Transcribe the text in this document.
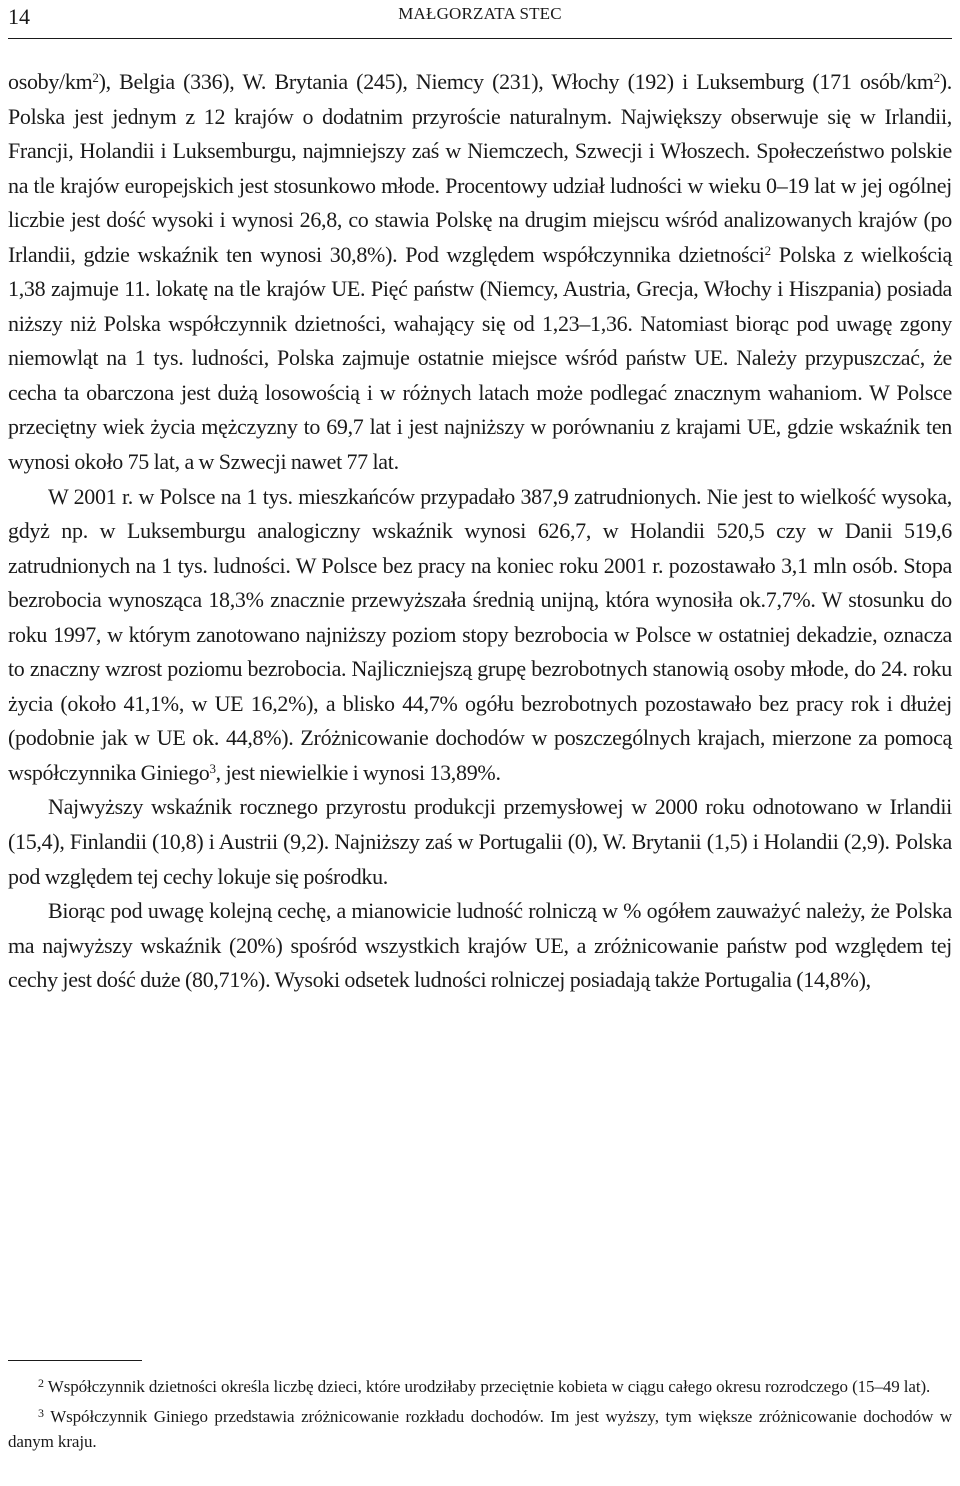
14	MAŁGORZATA STEC

osoby/$km^2$), Belgia (336), W. Brytania (245), Niemcy (231), Włochy (192) i Luksemburg (171 osób/$km^2$). Polska jest jednym z 12 krajów o dodatnim przyroście naturalnym. Największy obserwuje się w Irlandii, Francji, Holandii i Luksemburgu, najmniejszy zaś w Niemczech, Szwecji i Włoszech. Społeczeństwo polskie na tle krajów europejskich jest stosunkowo młode. Procentowy udział ludności w wieku 0–19 lat w jej ogólnej liczbie jest dość wysoki i wynosi 26,8, co stawia Polskę na drugim miejscu wśród analizowanych krajów (po Irlandii, gdzie wskaźnik ten wynosi 30,8%). Pod względem współczynnika dzietności$^2$ Polska z wielkością 1,38 zajmuje 11. lokatę na tle krajów UE. Pięć państw (Niemcy, Austria, Grecja, Włochy i Hiszpania) posiada niższy niż Polska współczynnik dzietności, wahający się od 1,23–1,36. Natomiast biorąc pod uwagę zgony niemowląt na 1 tys. ludności, Polska zajmuje ostatnie miejsce wśród państw UE. Należy przypuszczać, że cecha ta obarczona jest dużą losowością i w różnych latach może podlegać znacznym wahaniom. W Polsce przeciętny wiek życia mężczyzny to 69,7 lat i jest najniższy w porównaniu z krajami UE, gdzie wskaźnik ten wynosi około 75 lat, a w Szwecji nawet 77 lat.

W 2001 r. w Polsce na 1 tys. mieszkańców przypadało 387,9 zatrudnionych. Nie jest to wielkość wysoka, gdyż np. w Luksemburgu analogiczny wskaźnik wynosi 626,7, w Holandii 520,5 czy w Danii 519,6 zatrudnionych na 1 tys. ludności. W Polsce bez pracy na koniec roku 2001 r. pozostawało 3,1 mln osób. Stopa bezrobocia wynosząca 18,3% znacznie przewyższała średnią unijną, która wynosiła ok.7,7%. W stosunku do roku 1997, w którym zanotowano najniższy poziom stopy bezrobocia w Polsce w ostatniej dekadzie, oznacza to znaczny wzrost poziomu bezrobocia. Najliczniejszą grupę bezrobotnych stanowią osoby młode, do 24. roku życia (około 41,1%, w UE 16,2%), a blisko 44,7% ogółu bezrobotnych pozostawało bez pracy rok i dłużej (podobnie jak w UE ok. 44,8%). Zróżnicowanie dochodów w poszczególnych krajach, mierzone za pomocą współczynnika Giniego$^3$, jest niewielkie i wynosi 13,89%.

Najwyższy wskaźnik rocznego przyrostu produkcji przemysłowej w 2000 roku odnotowano w Irlandii (15,4), Finlandii (10,8) i Austrii (9,2). Najniższy zaś w Portugalii (0), W. Brytanii (1,5) i Holandii (2,9). Polska pod względem tej cechy lokuje się pośrodku.

Biorąc pod uwagę kolejną cechę, a mianowicie ludność rolniczą w % ogółem zauważyć należy, że Polska ma najwyższy wskaźnik (20%) spośród wszystkich krajów UE, a zróżnicowanie państw pod względem tej cechy jest dość duże (80,71%). Wysoki odsetek ludności rolniczej posiadają także Portugalia (14,8%),

$^2$ Współczynnik dzietności określa liczbę dzieci, które urodziłaby przeciętnie kobieta w ciągu całego okresu rozrodczego (15–49 lat).

$^3$ Współczynnik Giniego przedstawia zróżnicowanie rozkładu dochodów. Im jest wyższy, tym większe zróżnicowanie dochodów w danym kraju.
